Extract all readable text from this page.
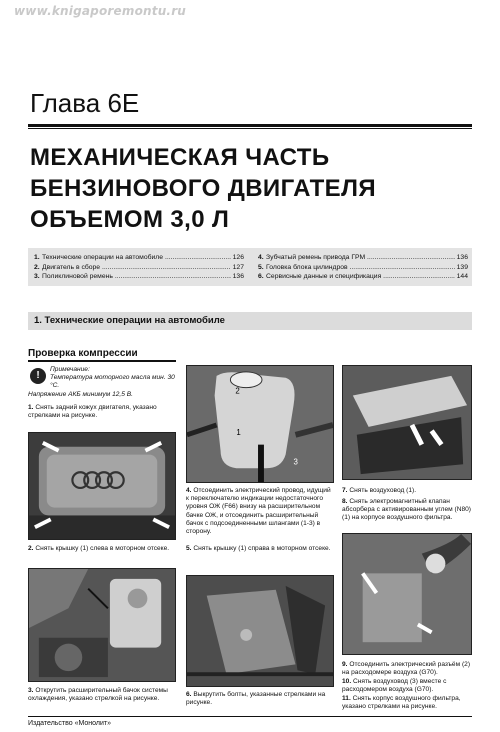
www.knigaporemontu.ru
Глава 6Е
МЕХАНИЧЕСКАЯ ЧАСТЬ
БЕНЗИНОВОГО ДВИГАТЕЛЯ
ОБЪЕМОМ 3,0 Л
1. Технические операции на автомобиле .....	126
2. Двигатель в сборе .....	127
3. Поликлиновой ремень .....	136
4. Зубчатый ремень привода ГРМ .....	136
5. Головка блока цилиндров .....	139
6. Сервисные данные и спецификация .....	144
1. Технические операции на автомобиле
Проверка компрессии
!
Примечание:
Температура моторного масла мин. 30 °C.
Напряжение АКБ минимум 12,5 В.
1. Снять задний кожух двигателя, указано стрелками на рисунке.
2. Снять крышку (1) слева в моторном отсеке.
3. Открутить расширительный бачок системы охлаждения, указано стрелкой на рисунке.
2
1
3
4. Отсоединить электрический провод, идущий к переключателю индикации недостаточного уровня ОЖ (F66) внизу на расширительном бачке ОЖ, и отсоединить расширительный бачок с подсоединенными шлангами (1-3) в сторону.
5. Снять крышку (1) справа в моторном отсеке.
6. Выкрутить болты, указанные стрелками на рисунке.
7. Снять воздуховод (1).
8. Снять электромагнитный клапан абсорбера с активированным углем (N80) (1) на корпусе воздушного фильтра.
9. Отсоединить электрический разъём (2) на расходомере воздуха (G70).
10. Снять воздуховод (3) вместе с расходомером воздуха (G70).
11. Снять корпус воздушного фильтра, указано стрелками на рисунке.
Издательство «Монолит»
